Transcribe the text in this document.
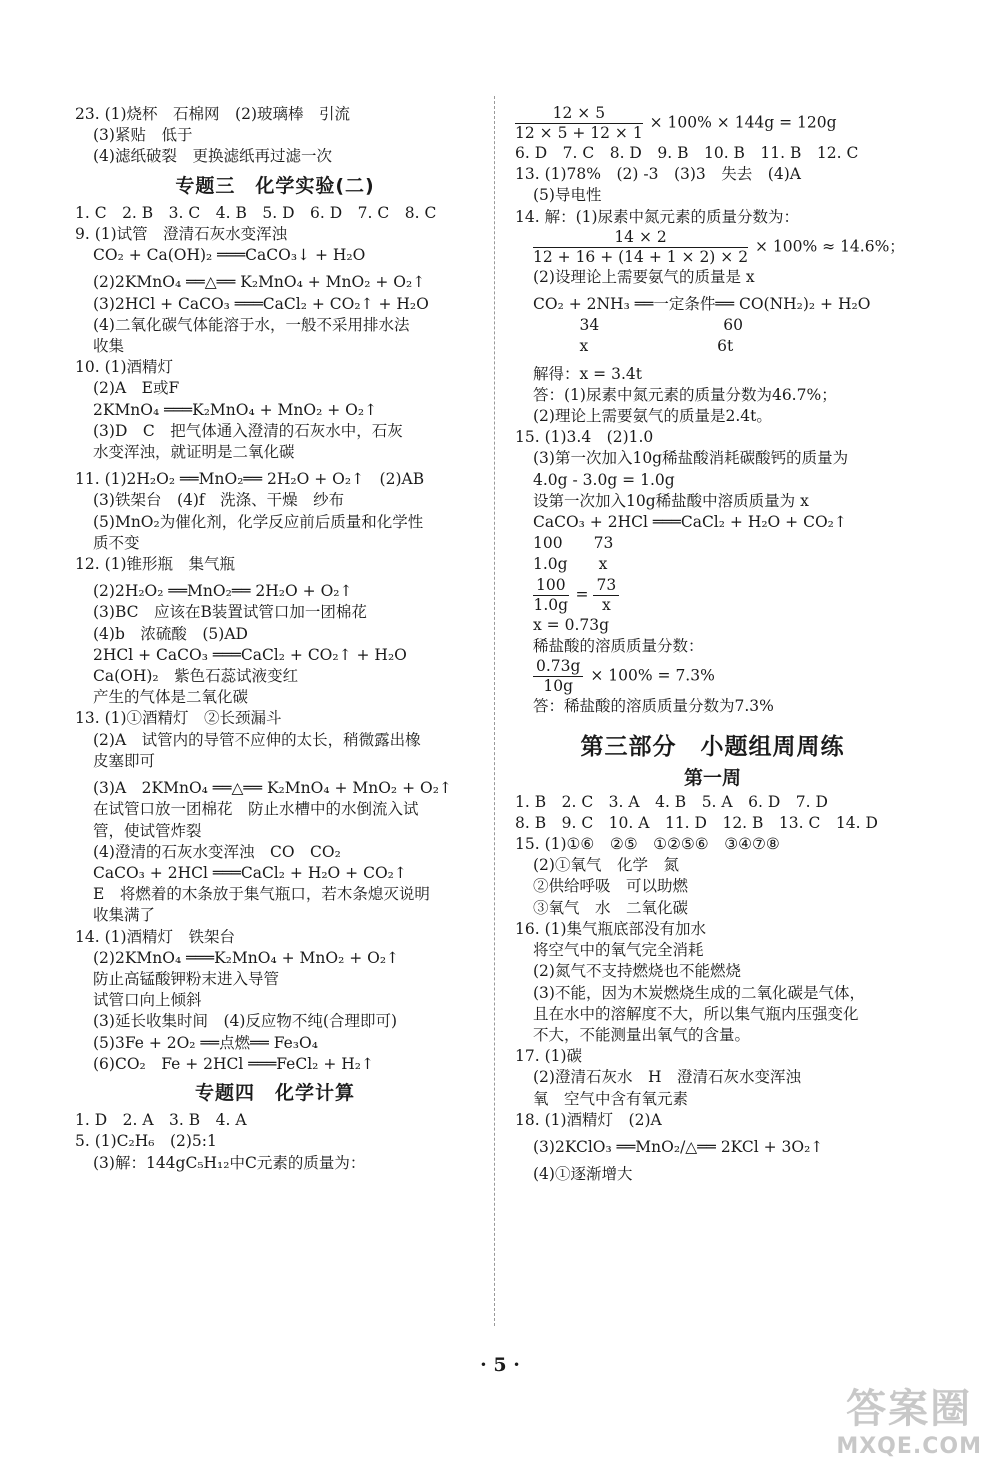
23. (1)烧杯　石棉网　(2)玻璃棒　引流
(3)紧贴　低于
(4)滤纸破裂　更换滤纸再过滤一次
专题三　化学实验(二)
1. C　2. B　3. C　4. B　5. D　6. D　7. C　8. C
9. (1)试管　澄清石灰水变浑浊
CO₂ + Ca(OH)₂ ═══CaCO₃↓ + H₂O
(2)2KMnO₄ ══△══ K₂MnO₄ + MnO₂ + O₂↑
(3)2HCl + CaCO₃ ═══CaCl₂ + CO₂↑ + H₂O
(4)二氧化碳气体能溶于水，一般不采用排水法
收集
10. (1)酒精灯
(2)A　E或F
2KMnO₄ ═══K₂MnO₄ + MnO₂ + O₂↑
(3)D　C　把气体通入澄清的石灰水中，石灰
水变浑浊，就证明是二氧化碳
11. (1)2H₂O₂ ══MnO₂══ 2H₂O + O₂↑　(2)AB
(3)铁架台　(4)f　洗涤、干燥　纱布
(5)MnO₂为催化剂，化学反应前后质量和化学性
质不变
12. (1)锥形瓶　集气瓶
(2)2H₂O₂ ══MnO₂══ 2H₂O + O₂↑
(3)BC　应该在B装置试管口加一团棉花
(4)b　浓硫酸　(5)AD
2HCl + CaCO₃ ═══CaCl₂ + CO₂↑ + H₂O
Ca(OH)₂　紫色石蕊试液变红
产生的气体是二氧化碳
13. (1)①酒精灯　②长颈漏斗
(2)A　试管内的导管不应伸的太长，稍微露出橡
皮塞即可
(3)A　2KMnO₄ ══△══ K₂MnO₄ + MnO₂ + O₂↑
在试管口放一团棉花　防止水槽中的水倒流入试
管，使试管炸裂
(4)澄清的石灰水变浑浊　CO　CO₂
CaCO₃ + 2HCl ═══CaCl₂ + H₂O + CO₂↑
E　将燃着的木条放于集气瓶口，若木条熄灭说明
收集满了
14. (1)酒精灯　铁架台
(2)2KMnO₄ ═══K₂MnO₄ + MnO₂ + O₂↑
防止高锰酸钾粉末进入导管
试管口向上倾斜
(3)延长收集时间　(4)反应物不纯(合理即可)
(5)3Fe + 2O₂ ══点燃══ Fe₃O₄
(6)CO₂　Fe + 2HCl ═══FeCl₂ + H₂↑
专题四　化学计算
1. D　2. A　3. B　4. A
5. (1)C₂H₆　(2)5:1
(3)解：144gC₅H₁₂中C元素的质量为：
$\frac{12 \times 5}{12 \times 5 + 12 \times 1} \times 100\% \times 144g = 120g$
6. D　7. C　8. D　9. B　10. B　11. B　12. C
13. (1)78%　(2) -3　(3)3　失去　(4)A
(5)导电性
14. 解：(1)尿素中氮元素的质量分数为：
$\frac{14 \times 2}{12 + 16 + (14 + 1 \times 2) \times 2} \times 100\% \approx 14.6\%$；
(2)设理论上需要氨气的质量是 x
CO₂ + 2NH₃ ══一定条件══ CO(NH₂)₂ + H₂O
　　　34　　　　　　　　60
　　　x　　　　　　　　 6t
解得：x = 3.4t
答：(1)尿素中氮元素的质量分数为46.7%；
(2)理论上需要氨气的质量是2.4t。
15. (1)3.4　(2)1.0
(3)第一次加入10g稀盐酸消耗碳酸钙的质量为
4.0g - 3.0g = 1.0g
设第一次加入10g稀盐酸中溶质质量为 x
CaCO₃ + 2HCl ═══CaCl₂ + H₂O + CO₂↑
100　　73
1.0g　　x
$\frac{100}{1.0g} = \frac{73}{x}$
x = 0.73g
稀盐酸的溶质质量分数：
$\frac{0.73g}{10g} \times 100\% = 7.3\%$
答：稀盐酸的溶质质量分数为7.3%
第三部分　小题组周周练
第一周
1. B　2. C　3. A　4. B　5. A　6. D　7. D
8. B　9. C　10. A　11. D　12. B　13. C　14. D
15. (1)①⑥　②⑤　①②⑤⑥　③④⑦⑧
(2)①氧气　化学　氮
②供给呼吸　可以助燃
③氧气　水　二氧化碳
16. (1)集气瓶底部没有加水
将空气中的氧气完全消耗
(2)氮气不支持燃烧也不能燃烧
(3)不能，因为木炭燃烧生成的二氧化碳是气体，
且在水中的溶解度不大，所以集气瓶内压强变化
不大，不能测量出氧气的含量。
17. (1)碳
(2)澄清石灰水　H　澄清石灰水变浑浊
氧　空气中含有氧元素
18. (1)酒精灯　(2)A
(3)2KClO₃ ══MnO₂/△══ 2KCl + 3O₂↑
(4)①逐渐增大
· 5 ·
答案圈
MXQE.COM
